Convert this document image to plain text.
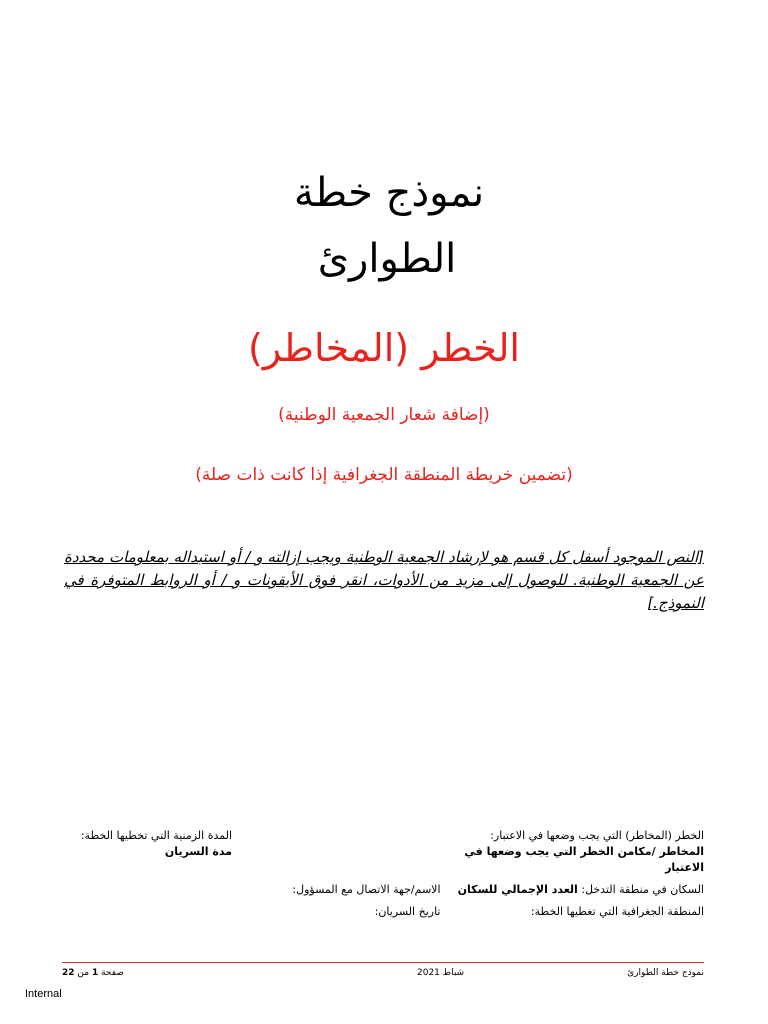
نموذج خطة
الطوارئ
الخطر (المخاطر)
(إضافة شعار الجمعية الوطنية)
(تضمين خريطة المنطقة الجغرافية إذا كانت ذات صلة)
[النص الموجود أسفل كل قسم هو لإرشاد الجمعية الوطنية ويجب إزالته و / أو استبداله بمعلومات محددة عن الجمعية الوطنية. للوصول إلى مزيد من الأدوات، انقر فوق الأيقونات و / أو الروابط المتوفرة في النموذج.]
الخطر (المخاطر) التي يجب وضعها في الاعتبار: المخاطر /مكامن الخطر التي يجب وضعها في الاعتبار
المدة الزمنية التي تخطيها الخطة: مدة السريان
السكان في منطقة التدخل: العدد الإجمالي للسكان
الاسم/جهة الاتصال مع المسؤول:
المنطقة الجغرافية التي تغطيها الخطة:
تاريخ السريان:
نموذج خطة الطوارئ
شباط 2021
صفحة 1 من 22
Internal
